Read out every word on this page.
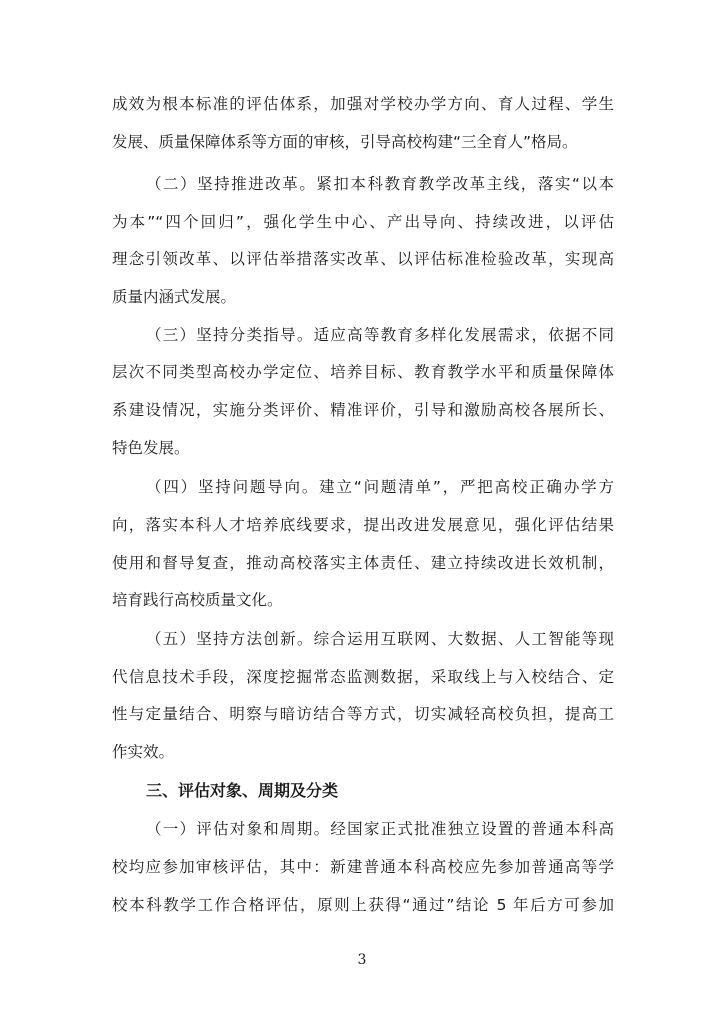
成效为根本标准的评估体系，加强对学校办学方向、育人过程、学生
发展、质量保障体系等方面的审核，引导高校构建“三全育人”格局。
（二）坚持推进改革。紧扣本科教育教学改革主线，落实“以本
为本”“四个回归”，强化学生中心、产出导向、持续改进，以评估
理念引领改革、以评估举措落实改革、以评估标准检验改革，实现高
质量内涵式发展。
（三）坚持分类指导。适应高等教育多样化发展需求，依据不同
层次不同类型高校办学定位、培养目标、教育教学水平和质量保障体
系建设情况，实施分类评价、精准评价，引导和激励高校各展所长、
特色发展。
（四）坚持问题导向。建立“问题清单”，严把高校正确办学方
向，落实本科人才培养底线要求，提出改进发展意见，强化评估结果
使用和督导复查，推动高校落实主体责任、建立持续改进长效机制，
培育践行高校质量文化。
（五）坚持方法创新。综合运用互联网、大数据、人工智能等现
代信息技术手段，深度挖掘常态监测数据，采取线上与入校结合、定
性与定量结合、明察与暗访结合等方式，切实减轻高校负担，提高工
作实效。
三、评估对象、周期及分类
（一）评估对象和周期。经国家正式批准独立设置的普通本科高
校均应参加审核评估，其中：新建普通本科高校应先参加普通高等学
校本科教学工作合格评估，原则上获得“通过”结论 5 年后方可参加
3
